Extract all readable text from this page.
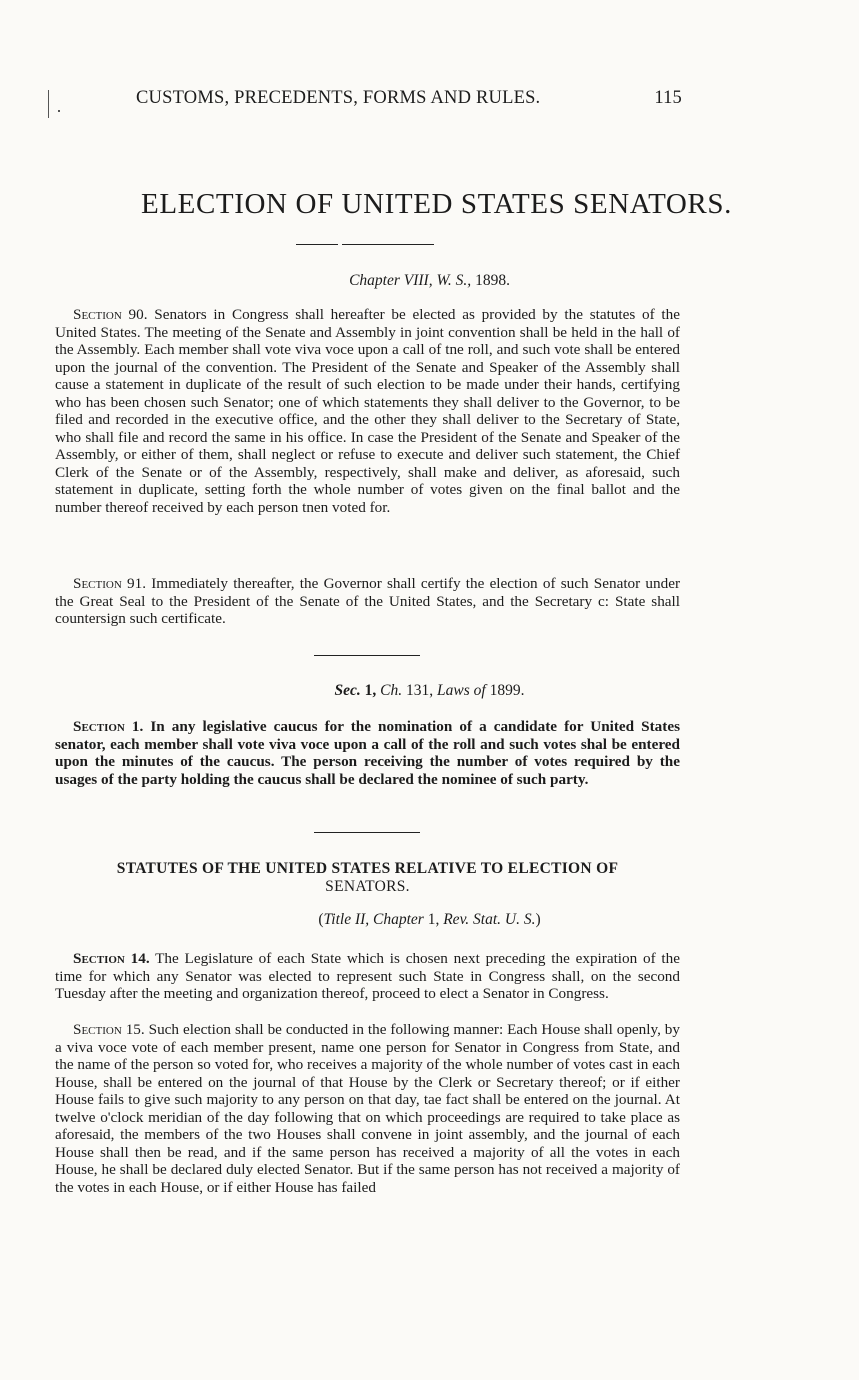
CUSTOMS, PRECEDENTS, FORMS AND RULES.	115
ELECTION OF UNITED STATES SENATORS.
Chapter VIII, W. S., 1898.
Section 90. Senators in Congress shall hereafter be elected as provided by the statutes of the United States. The meeting of the Senate and Assembly in joint convention shall be held in the hall of the Assembly. Each member shall vote viva voce upon a call of tne roll, and such vote shall be entered upon the journal of the convention. The President of the Senate and Speaker of the Assembly shall cause a statement in duplicate of the result of such election to be made under their hands, certifying who has been chosen such Senator; one of which statements they shall deliver to the Governor, to be filed and recorded in the executive office, and the other they shall deliver to the Secretary of State, who shall file and record the same in his office. In case the President of the Senate and Speaker of the Assembly, or either of them, shall neglect or refuse to execute and deliver such statement, the Chief Clerk of the Senate or of the Assembly, respectively, shall make and deliver, as aforesaid, such statement in duplicate, setting forth the whole number of votes given on the final ballot and the number thereof received by each person tnen voted for.
Section 91. Immediately thereafter, the Governor shall certify the election of such Senator under the Great Seal to the President of the Senate of the United States, and the Secretary c: State shall countersign such certificate.
Sec. 1, Ch. 131, Laws of 1899.
Section 1. In any legislative caucus for the nomination of a candidate for United States senator, each member shall vote viva voce upon a call of the roll and such votes shal be entered upon the minutes of the caucus. The person receiving the number of votes required by the usages of the party holding the caucus shall be declared the nominee of such party.
STATUTES OF THE UNITED STATES RELATIVE TO ELECTION OF
SENATORS.
(Title II, Chapter 1, Rev. Stat. U. S.)
Section 14. The Legislature of each State which is chosen next preceding the expiration of the time for which any Senator was elected to represent such State in Congress shall, on the second Tuesday after the meeting and organization thereof, proceed to elect a Senator in Congress.
Section 15. Such election shall be conducted in the following manner: Each House shall openly, by a viva voce vote of each member present, name one person for Senator in Congress from State, and the name of the person so voted for, who receives a majority of the whole number of votes cast in each House, shall be entered on the journal of that House by the Clerk or Secretary thereof; or if either House fails to give such majority to any person on that day, tae fact shall be entered on the journal. At twelve o'clock meridian of the day following that on which proceedings are required to take place as aforesaid, the members of the two Houses shall convene in joint assembly, and the journal of each House shall then be read, and if the same person has received a majority of all the votes in each House, he shall be declared duly elected Senator. But if the same person has not received a majority of the votes in each House, or if either House has failed
